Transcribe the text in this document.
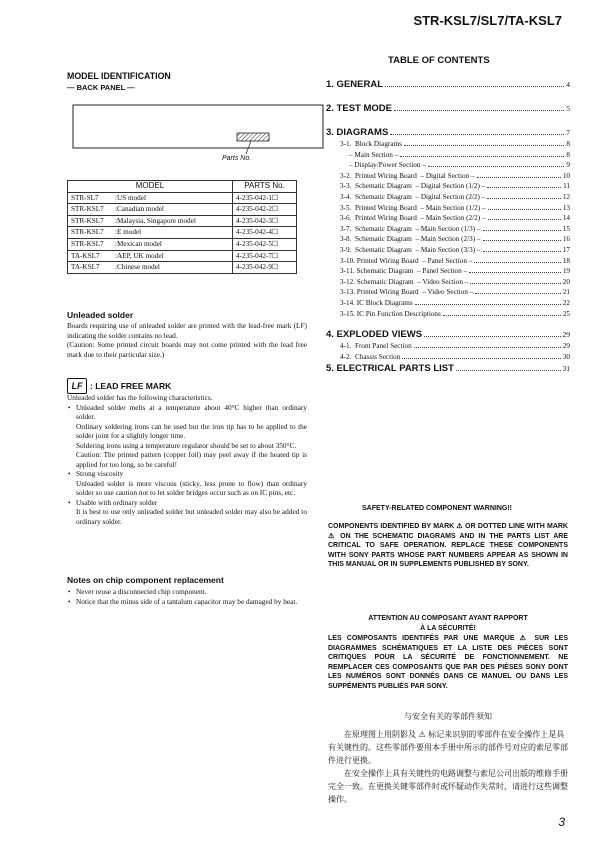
STR-KSL7/SL7/TA-KSL7
MODEL IDENTIFICATION
— BACK PANEL —
Parts No.
MODEL	PARTS No.
STR-SL7 :US model	4-235-042-1☐
STR-KSL7 :Canadian model	4-235-042-2☐
STR-KSL7 :Malaysia, Singapore model	4-235-042-3☐
STR-KSL7 :E model	4-235-042-4☐
STR-KSL7 :Mexican model	4-235-042-5☐
TA-KSL7 :AEP, UK model	4-235-042-7☐
TA-KSL7 :Chinese model	4-235-042-9☐
Unleaded solder
Boards requiring use of unleaded solder are printed with the lead-free mark (LF) indicating the solder contains no lead.
(Caution: Some printed circuit boards may not come printed with the lead free mark due to their particular size.)
LF : LEAD FREE MARK
Unleaded solder has the following characteristics.
• Unleaded solder melts at a temperature about 40°C higher than ordinary solder.
Ordinary soldering irons can be used but the iron tip has to be applied to the solder joint for a slightly longer time.
Soldering irons using a temperature regulator should be set to about 350°C.
Caution: The printed pattern (copper foil) may peel away if the heated tip is applied for too long, so be careful!
• Strong viscosity
Unleaded solder is more viscous (sticky, less prone to flow) than ordinary solder so use caution not to let solder bridges occur such as on IC pins, etc.
• Usable with ordinary solder
It is best to use only unleaded solder but unleaded solder may also be added to ordinary solder.
Notes on chip component replacement
• Never reuse a disconnected chip component.
• Notice that the minus side of a tantalum capacitor may be damaged by heat.
TABLE OF CONTENTS
1. GENERAL	4
2. TEST MODE	5
3. DIAGRAMS	7
3-1.  Block Diagrams	8
– Main Section –	8
– Display/Power Section –	9
3-2.  Printed Wiring Board  – Digital Section –	10
3-3.  Schematic Diagram  – Digital Section (1/2) –	11
3-4.  Schematic Diagram  – Digital Section (2/2) –	12
3-5.  Printed Wiring Board  – Main Section (1/2) –	13
3-6.  Printed Wiring Board  – Main Section (2/2) –	14
3-7.  Schematic Diagram  – Main Section (1/3) –	15
3-8.  Schematic Diagram  – Main Section (2/3) –	16
3-9.  Schematic Diagram  – Main Section (3/3) –	17
3-10. Printed Wiring Board  – Panel Section –	18
3-11. Schematic Diagram  – Panel Section –	19
3-12. Schematic Diagram  – Video Section –	20
3-13. Printed Wiring Board  – Video Section –	21
3-14. IC Block Diagrams	22
3-15. IC Pin Function Descriptions	25
4. EXPLODED VIEWS	29
4-1.  Front Panel Section	29
4-2.  Chassis Section	30
5. ELECTRICAL PARTS LIST	31
SAFETY-RELATED COMPONENT WARNING!!
COMPONENTS IDENTIFIED BY MARK ⚠ OR DOTTED LINE WITH MARK ⚠ ON THE SCHEMATIC DIAGRAMS AND IN THE PARTS LIST ARE CRITICAL TO SAFE OPERATION. REPLACE THESE COMPONENTS WITH SONY PARTS WHOSE PART NUMBERS APPEAR AS SHOWN IN THIS MANUAL OR IN SUPPLEMENTS PUBLISHED BY SONY.
ATTENTION AU COMPOSANT AYANT RAPPORT
À LA SÉCURITÉ!
LES COMPOSANTS IDENTIFÉS PAR UNE MARQUE ⚠ SUR LES DIAGRAMMES SCHÉMATIQUES ET LA LISTE DES PIÈCES SONT CRITIQUES POUR LA SÉCURITÉ DE FONCTIONNEMENT. NE REMPLACER CES COMPOSANTS QUE PAR DES PIÈSES SONY DONT LES NUMÉROS SONT DONNÉS DANS CE MANUEL OU DANS LES SUPPÉMENTS PUBLIÉS PAR SONY.
与安全有关的零部件须知
在原理图上用阴影及 ⚠ 标记来识别的零部件在安全操作上是具有关键性的。这些零部件要用本手册中所示的部件号对应的索尼零部件进行更换。
在安全操作上具有关键性的电路调整与索尼公司出版的维修手册完全一致。在更换关键零部件时或怀疑动作失常时，请进行这些调整操作。
3
